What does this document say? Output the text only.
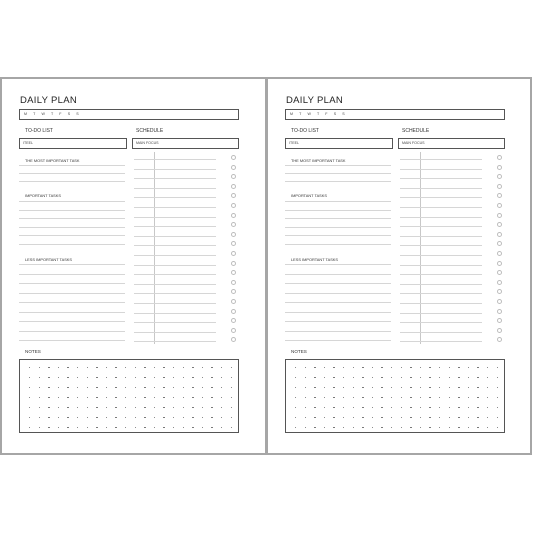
DAILY PLAN
M T W T F S S
TO-DO LIST	SCHEDULE
ITEEL	MAIN FOCUS
THE MOST IMPORTANT TASK
IMPORTANT TASKS
LESS IMPORTANT TASKS
NOTES
DAILY PLAN
M T W T F S S
TO-DO LIST	SCHEDULE
ITEEL	MAIN FOCUS
THE MOST IMPORTANT TASK
IMPORTANT TASKS
LESS IMPORTANT TASKS
NOTES
